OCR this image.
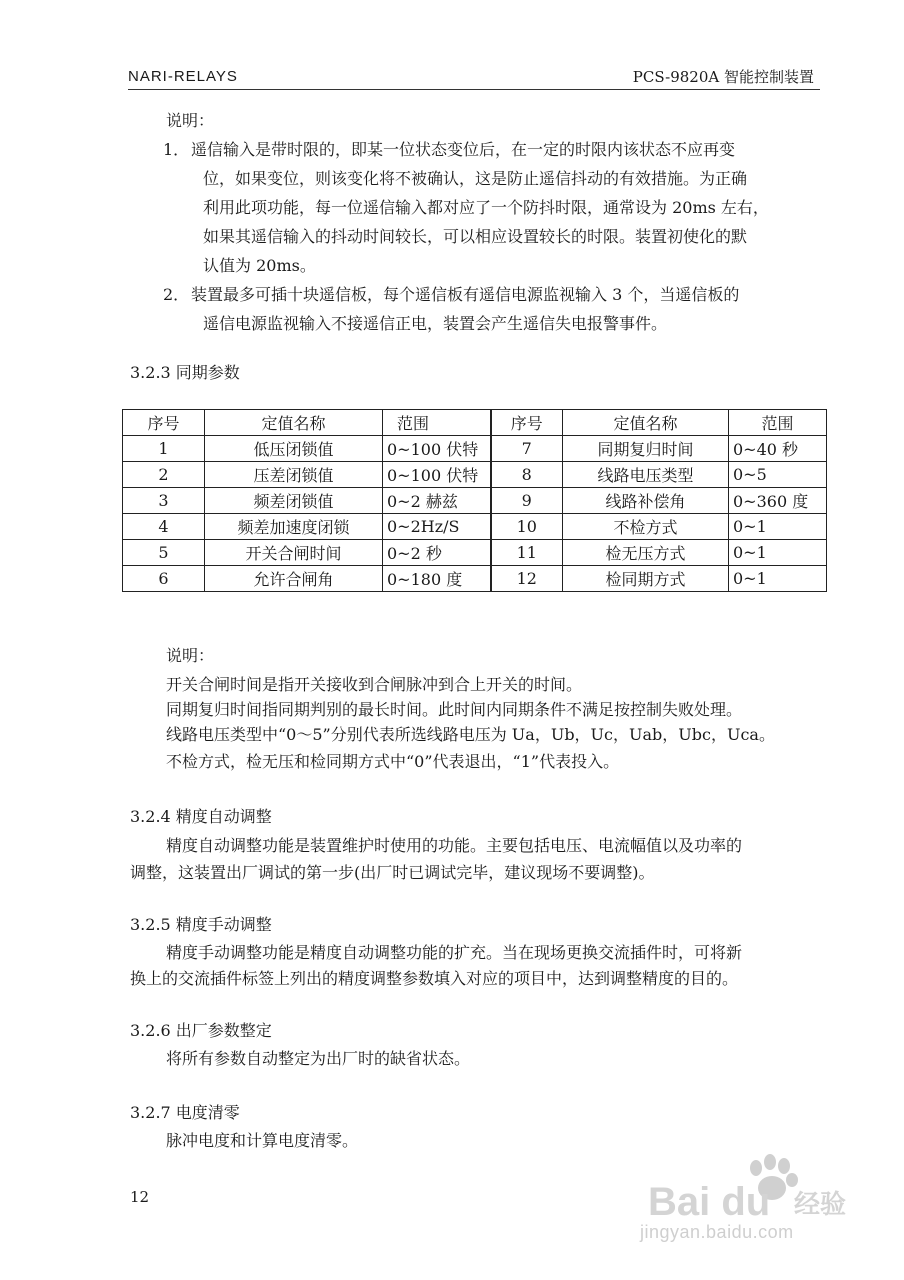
NARI-RELAYS	PCS-9820A 智能控制装置
说明：
1． 遥信输入是带时限的，即某一位状态变位后，在一定的时限内该状态不应再变
位，如果变位，则该变化将不被确认，这是防止遥信抖动的有效措施。为正确
利用此项功能，每一位遥信输入都对应了一个防抖时限，通常设为 20ms 左右，
如果其遥信输入的抖动时间较长，可以相应设置较长的时限。装置初使化的默
认值为 20ms。
2． 装置最多可插十块遥信板，每个遥信板有遥信电源监视输入 3 个，当遥信板的
遥信电源监视输入不接遥信正电，装置会产生遥信失电报警事件。
3.2.3 同期参数
序号	定值名称	范围	序号	定值名称	范围
1	低压闭锁值	0~100 伏特	7	同期复归时间	0~40 秒
2	压差闭锁值	0~100 伏特	8	线路电压类型	0~5
3	频差闭锁值	0~2 赫兹	9	线路补偿角	0~360 度
4	频差加速度闭锁	0~2Hz/S	10	不检方式	0~1
5	开关合闸时间	0~2 秒	11	检无压方式	0~1
6	允许合闸角	0~180 度	12	检同期方式	0~1
说明：
开关合闸时间是指开关接收到合闸脉冲到合上开关的时间。
同期复归时间指同期判别的最长时间。此时间内同期条件不满足按控制失败处理。
线路电压类型中“0～5”分别代表所选线路电压为 Ua，Ub，Uc，Uab，Ubc，Uca。
不检方式，检无压和检同期方式中“0”代表退出，“1”代表投入。
3.2.4 精度自动调整
精度自动调整功能是装置维护时使用的功能。主要包括电压、电流幅值以及功率的
调整，这装置出厂调试的第一步(出厂时已调试完毕，建议现场不要调整)。
3.2.5 精度手动调整
精度手动调整功能是精度自动调整功能的扩充。当在现场更换交流插件时，可将新
换上的交流插件标签上列出的精度调整参数填入对应的项目中，达到调整精度的目的。
3.2.6 出厂参数整定
将所有参数自动整定为出厂时的缺省状态。
3.2.7 电度清零
脉冲电度和计算电度清零。
12	Bai du 经验
jingyan.baidu.com
